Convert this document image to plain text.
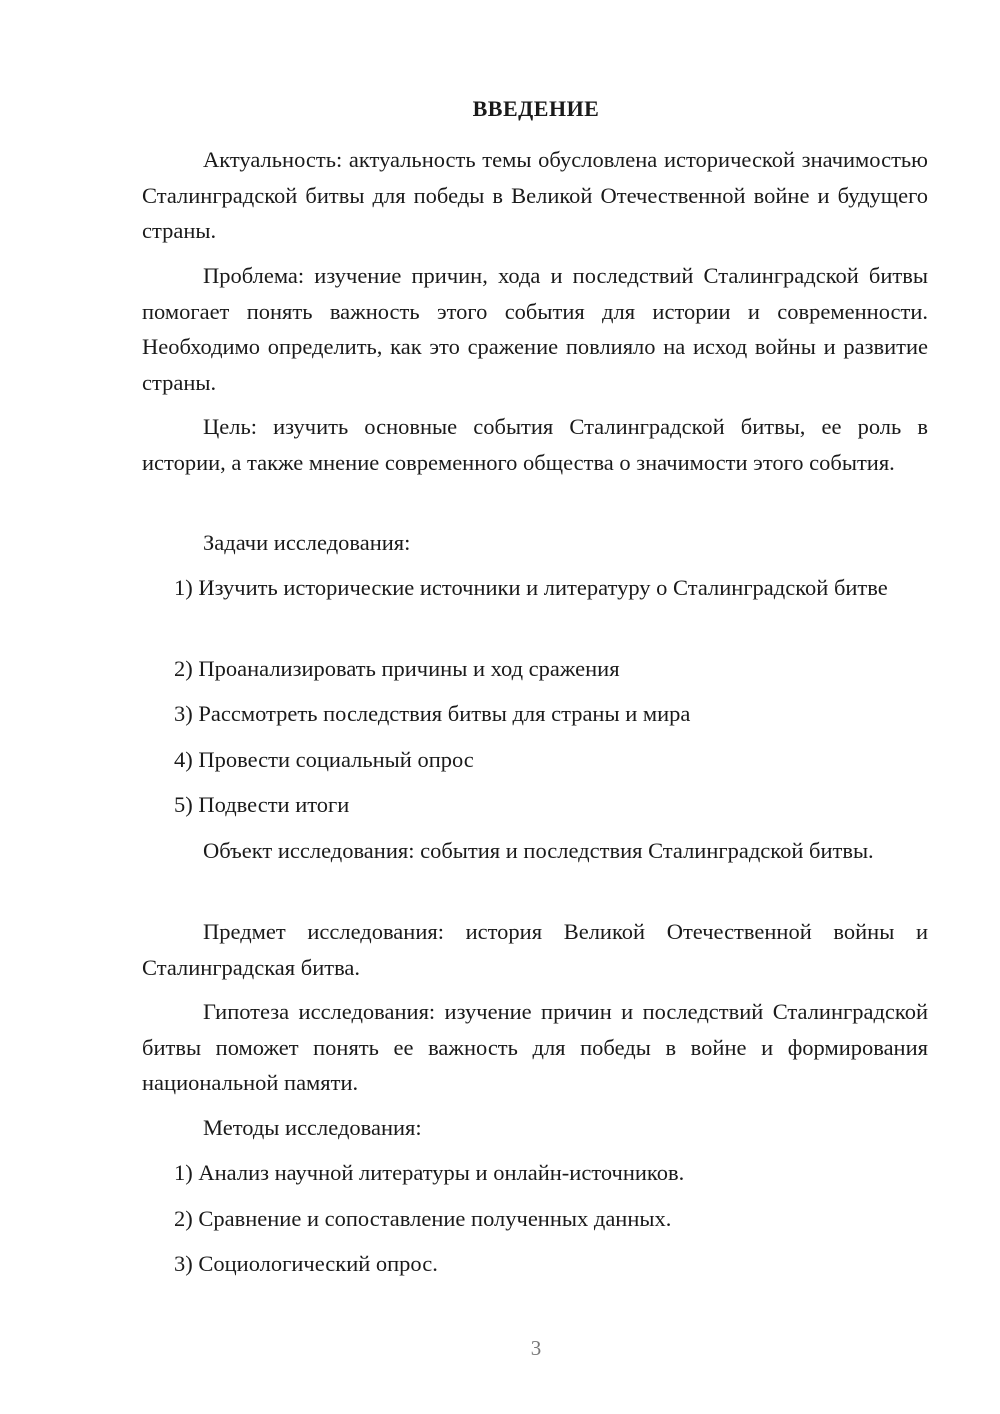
ВВЕДЕНИЕ

Актуальность: актуальность темы обусловлена исторической значимостью Сталинградской битвы для победы в Великой Отечественной войне и будущего страны.

Проблема: изучение причин, хода и последствий Сталинградской битвы помогает понять важность этого события для истории и современности. Необходимо определить, как это сражение повлияло на исход войны и развитие страны.

Цель: изучить основные события Сталинградской битвы, ее роль в истории, а также мнение современного общества о значимости этого события.

Задачи исследования:

1) Изучить исторические источники и литературу о Сталинградской битве

2) Проанализировать причины и ход сражения

3) Рассмотреть последствия битвы для страны и мира

4) Провести социальный опрос

5) Подвести итоги

Объект исследования: события и последствия Сталинградской битвы.

Предмет исследования: история Великой Отечественной войны и Сталинградская битва.

Гипотеза исследования: изучение причин и последствий Сталинградской битвы поможет понять ее важность для победы в войне и формирования национальной памяти.

Методы исследования:

1) Анализ научной литературы и онлайн-источников.

2) Сравнение и сопоставление полученных данных.

3) Социологический опрос.

3
